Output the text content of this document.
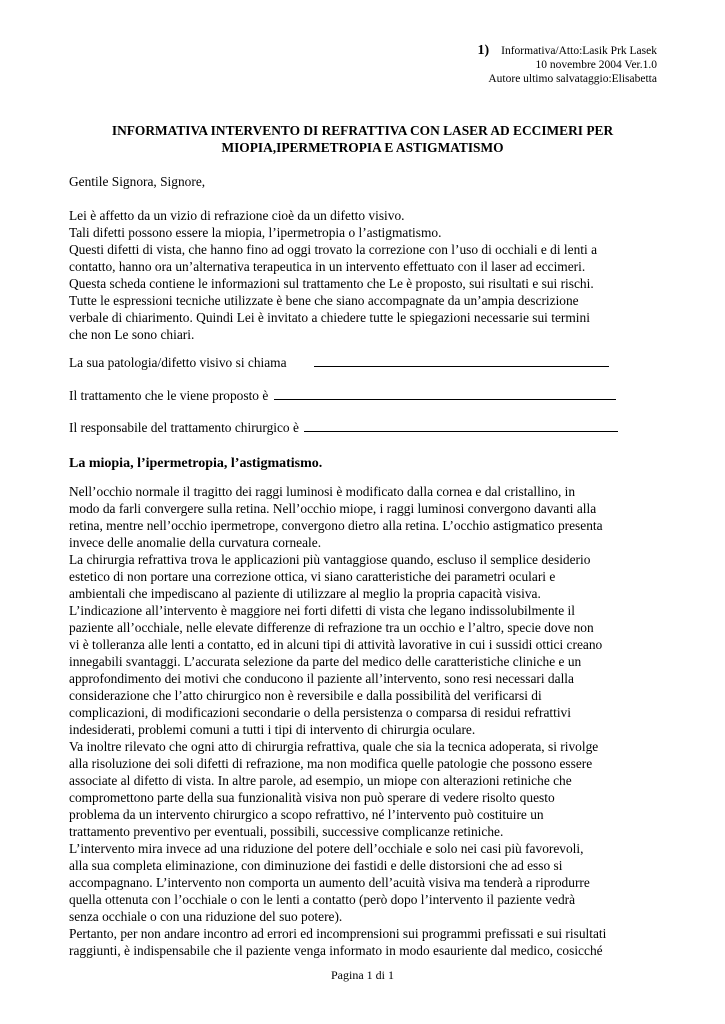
1) Informativa/Atto:Lasik Prk Lasek
10 novembre 2004 Ver.1.0
Autore ultimo salvataggio:Elisabetta
INFORMATIVA INTERVENTO DI REFRATTIVA CON LASER AD ECCIMERI PER
MIOPIA,IPERMETROPIA E ASTIGMATISMO
Gentile Signora, Signore,

Lei è affetto da un vizio di refrazione cioè da un difetto visivo.

Tali difetti possono essere la miopia, l’ipermetropia o l’astigmatismo.

Questi difetti di vista, che hanno fino ad oggi trovato la correzione con l’uso di occhiali e di lenti a

contatto, hanno ora un’alternativa terapeutica in un intervento effettuato con il laser ad eccimeri.

Questa scheda contiene le informazioni sul trattamento che Le è proposto, sui risultati e sui rischi.

Tutte le espressioni tecniche utilizzate è bene che siano accompagnate da un’ampia descrizione

verbale di chiarimento. Quindi Lei è invitato a chiedere tutte le spiegazioni necessarie sui termini

che non Le sono chiari.

La sua patologia/difetto visivo si chiama
Il trattamento che le viene proposto è
Il responsabile del trattamento chirurgico è
La miopia, l’ipermetropia, l’astigmatismo.

Nell’occhio normale il tragitto dei raggi luminosi è modificato dalla cornea e dal cristallino, in

modo da farli convergere sulla retina. Nell’occhio miope, i raggi luminosi convergono davanti alla

retina, mentre nell’occhio ipermetrope, convergono dietro alla retina. L’occhio astigmatico presenta

invece delle anomalie della curvatura corneale.

La chirurgia refrattiva trova le applicazioni più vantaggiose quando, escluso il semplice desiderio

estetico di non portare una correzione ottica, vi siano caratteristiche dei parametri oculari e

ambientali che impediscano al paziente di utilizzare al meglio la propria capacità visiva.

L’indicazione all’intervento è maggiore nei forti difetti di vista che legano indissolubilmente il

paziente all’occhiale, nelle elevate differenze di refrazione tra un occhio e l’altro, specie dove non

vi è tolleranza alle lenti a contatto, ed in alcuni tipi di attività lavorative in cui i sussidi ottici creano

innegabili svantaggi. L’accurata selezione da parte del medico delle caratteristiche cliniche e un

approfondimento dei motivi che conducono il paziente all’intervento, sono resi necessari dalla

considerazione che l’atto chirurgico non è reversibile e dalla possibilità del verificarsi di

complicazioni, di modificazioni secondarie o della persistenza o comparsa di residui refrattivi

indesiderati, problemi comuni a tutti i tipi di intervento di chirurgia oculare.

Va inoltre rilevato che ogni atto di chirurgia refrattiva, quale che sia la tecnica adoperata, si rivolge

alla risoluzione dei soli difetti di refrazione, ma non modifica quelle patologie che possono essere

associate al difetto di vista. In altre parole, ad esempio, un miope con alterazioni retiniche che

compromettono parte della sua funzionalità visiva non può sperare di vedere risolto questo

problema da un intervento chirurgico a scopo refrattivo, né l’intervento può costituire un

trattamento preventivo per eventuali, possibili, successive complicanze retiniche.

L’intervento mira invece ad una riduzione del potere dell’occhiale e solo nei casi più favorevoli,

alla sua completa eliminazione, con diminuzione dei fastidi e delle distorsioni che ad esso si

accompagnano. L’intervento non comporta un aumento dell’acuità visiva ma tenderà a riprodurre

quella ottenuta con l’occhiale o con le lenti a contatto (però dopo l’intervento il paziente vedrà

senza occhiale o con una riduzione del suo potere).

Pertanto, per non andare incontro ad errori ed incomprensioni sui programmi prefissati e sui risultati

raggiunti, è indispensabile che il paziente venga informato in modo esauriente dal medico, cosicché

Pagina 1 di 1
